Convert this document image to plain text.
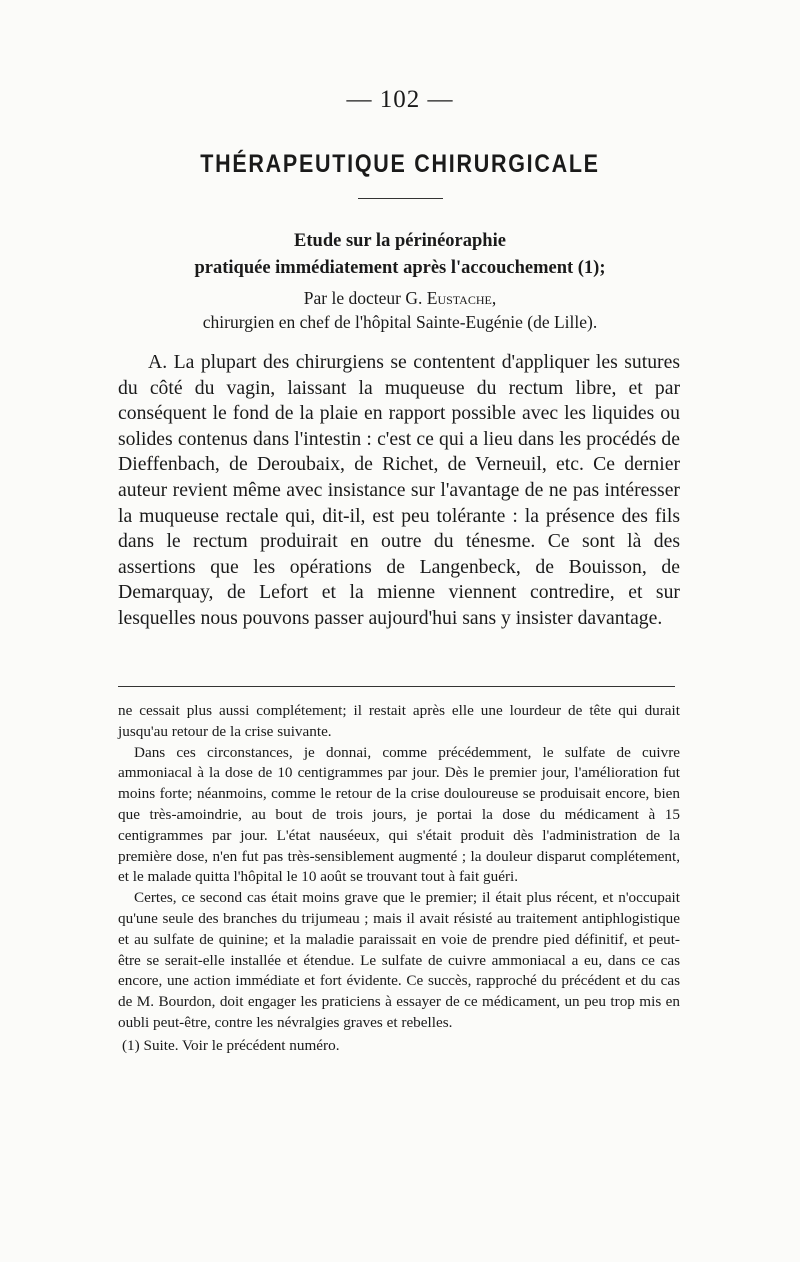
— 102 —
THÉRAPEUTIQUE CHIRURGICALE
Etude sur la périnéoraphie
pratiquée immédiatement après l'accouchement (1);
Par le docteur G. Eustache,
chirurgien en chef de l'hôpital Sainte-Eugénie (de Lille).

A. La plupart des chirurgiens se contentent d'appliquer les sutures du côté du vagin, laissant la muqueuse du rectum libre, et par conséquent le fond de la plaie en rapport possible avec les liquides ou solides contenus dans l'intestin : c'est ce qui a lieu dans les procédés de Dieffenbach, de Deroubaix, de Richet, de Verneuil, etc. Ce dernier auteur revient même avec insistance sur l'avantage de ne pas intéresser la muqueuse rectale qui, dit-il, est peu tolérante : la présence des fils dans le rectum produirait en outre du ténesme. Ce sont là des assertions que les opérations de Langenbeck, de Bouisson, de Demarquay, de Lefort et la mienne viennent contredire, et sur lesquelles nous pouvons passer aujourd'hui sans y insister davantage.

ne cessait plus aussi complétement; il restait après elle une lourdeur de tête qui durait jusqu'au retour de la crise suivante.

Dans ces circonstances, je donnai, comme précédemment, le sulfate de cuivre ammoniacal à la dose de 10 centigrammes par jour. Dès le premier jour, l'amélioration fut moins forte; néanmoins, comme le retour de la crise douloureuse se produisait encore, bien que très-amoindrie, au bout de trois jours, je portai la dose du médicament à 15 centigrammes par jour. L'état nauséeux, qui s'était produit dès l'administration de la première dose, n'en fut pas très-sensiblement augmenté ; la douleur disparut complétement, et le malade quitta l'hôpital le 10 août se trouvant tout à fait guéri.

Certes, ce second cas était moins grave que le premier; il était plus récent, et n'occupait qu'une seule des branches du trijumeau ; mais il avait résisté au traitement antiphlogistique et au sulfate de quinine; et la maladie paraissait en voie de prendre pied définitif, et peut-être se serait-elle installée et étendue. Le sulfate de cuivre ammoniacal a eu, dans ce cas encore, une action immédiate et fort évidente. Ce succès, rapproché du précédent et du cas de M. Bourdon, doit engager les praticiens à essayer de ce médicament, un peu trop mis en oubli peut-être, contre les névralgies graves et rebelles.

(1) Suite. Voir le précédent numéro.
